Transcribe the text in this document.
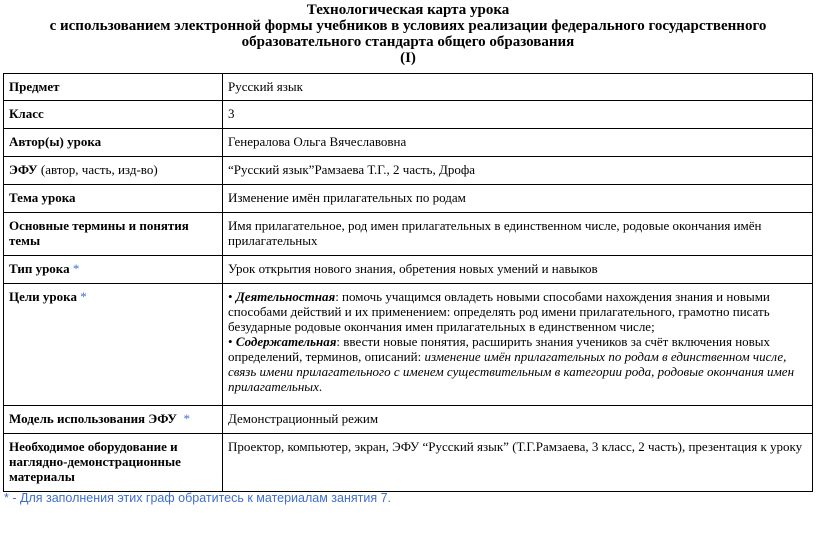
Технологическая карта урока
с использованием электронной формы учебников в условиях реализации федерального государственного
образовательного стандарта общего образования
(I)
Предмет	Русский язык
Класс	3
Автор(ы) урока	Генералова Ольга Вячеславовна
ЭФУ (автор, часть, изд-во)	“Русский язык”Рамзаева Т.Г., 2 часть, Дрофа
Тема урока	Изменение имён прилагательных по родам
Основные термины и понятия темы	Имя прилагательное, род имен прилагательных в единственном числе, родовые окончания имён прилагательных
Тип урока *	Урок открытия нового знания, обретения новых умений и навыков
Цели урока *	• Деятельностная: помочь учащимся овладеть новыми способами нахождения знания и новыми способами действий и их применением: определять род имени прилагательного, грамотно писать безударные родовые окончания имен прилагательных в единственном числе;
• Содержательная: ввести новые понятия, расширить знания учеников за счёт включения новых определений, терминов, описаний: изменение имён прилагательных по родам в единственном числе, связь имени прилагательного с именем существительным в категории рода, родовые окончания имен прилагательных.
Модель использования ЭФУ *	Демонстрационный режим
Необходимое оборудование и наглядно-демонстрационные материалы	Проектор, компьютер, экран, ЭФУ “Русский язык” (Т.Г.Рамзаева, 3 класс, 2 часть), презентация к уроку
* - Для заполнения этих граф обратитесь к материалам занятия 7.
